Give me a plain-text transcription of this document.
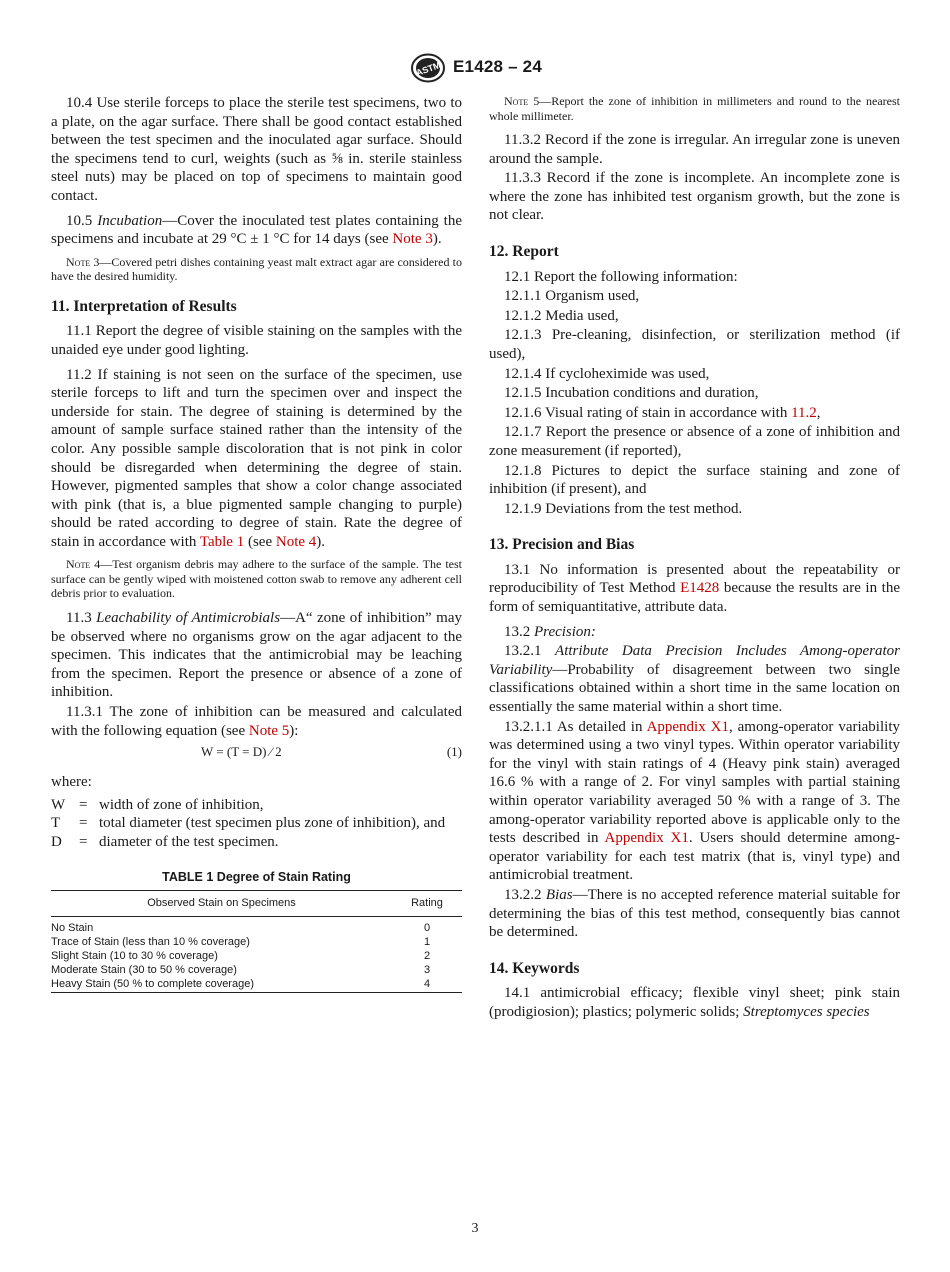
ASTM E1428 – 24

10.4 Use sterile forceps to place the sterile test specimens, two to a plate, on the agar surface. There shall be good contact established between the test specimen and the inoculated agar surface. Should the specimens tend to curl, weights (such as ⅝ in. sterile stainless steel nuts) may be placed on top of specimens to maintain good contact.

10.5 Incubation—Cover the inoculated test plates containing the specimens and incubate at 29 °C ± 1 °C for 14 days (see Note 3).

Note 3—Covered petri dishes containing yeast malt extract agar are considered to have the desired humidity.
11. Interpretation of Results

11.1 Report the degree of visible staining on the samples with the unaided eye under good lighting.

11.2 If staining is not seen on the surface of the specimen, use sterile forceps to lift and turn the specimen over and inspect the underside for stain. The degree of staining is determined by the amount of sample surface stained rather than the intensity of the color. Any possible sample discoloration that is not pink in color should be disregarded when determining the degree of stain. However, pigmented samples that show a color change associated with pink (that is, a blue pigmented sample changing to purple) should be rated according to degree of stain. Rate the degree of stain in accordance with Table 1 (see Note 4).

Note 4—Test organism debris may adhere to the surface of the sample. The test surface can be gently wiped with moistened cotton swab to remove any adherent cell debris prior to evaluation.

11.3 Leachability of Antimicrobials—A“ zone of inhibition” may be observed where no organisms grow on the agar adjacent to the specimen. This indicates that the antimicrobial may be leaching from the specimen. Report the presence or absence of a zone of inhibition.

11.3.1 The zone of inhibition can be measured and calculated with the following equation (see Note 5):

W = (T = D) ⁄ 2	(1)
where:
W = width of zone of inhibition,
T	= total diameter (test specimen plus zone of inhibition), and
D	= diameter of the test specimen.
TABLE 1 Degree of Stain Rating
Observed Stain on Specimens	Rating
No Stain	0
Trace of Stain (less than 10 % coverage)	1
Slight Stain (10 to 30 % coverage)	2
Moderate Stain (30 to 50 % coverage)	3
Heavy Stain (50 % to complete coverage)	4
Note 5—Report the zone of inhibition in millimeters and round to the nearest whole millimeter.

11.3.2 Record if the zone is irregular. An irregular zone is uneven around the sample.

11.3.3 Record if the zone is incomplete. An incomplete zone is where the zone has inhibited test organism growth, but the zone is not clear.

12. Report

12.1 Report the following information:

12.1.1 Organism used,

12.1.2 Media used,

12.1.3 Pre-cleaning, disinfection, or sterilization method (if used),

12.1.4 If cycloheximide was used,

12.1.5 Incubation conditions and duration,

12.1.6 Visual rating of stain in accordance with 11.2,

12.1.7 Report the presence or absence of a zone of inhibition and zone measurement (if reported),

12.1.8 Pictures to depict the surface staining and zone of inhibition (if present), and

12.1.9 Deviations from the test method.

13. Precision and Bias

13.1 No information is presented about the repeatability or reproducibility of Test Method E1428 because the results are in the form of semiquantitative, attribute data.

13.2 Precision:

13.2.1 Attribute Data Precision Includes Among-operator Variability—Probability of disagreement between two single classifications obtained within a short time in the same location on essentially the same material within a short time.

13.2.1.1 As detailed in Appendix X1, among-operator variability was determined using a two vinyl types. Within operator variability for the vinyl with stain ratings of 4 (Heavy pink stain) averaged 16.6 % with a range of 2. For vinyl samples with partial staining within operator variability averaged 50 % with a range of 3. The among-operator variability reported above is applicable only to the tests described in Appendix X1. Users should determine among-operator variability for each test matrix (that is, vinyl type) and antimicrobial treatment.

13.2.2 Bias—There is no accepted reference material suitable for determining the bias of this test method, consequently bias cannot be determined.

14. Keywords

14.1 antimicrobial efficacy; flexible vinyl sheet; pink stain (prodigiosion); plastics; polymeric solids; Streptomyces species

3
